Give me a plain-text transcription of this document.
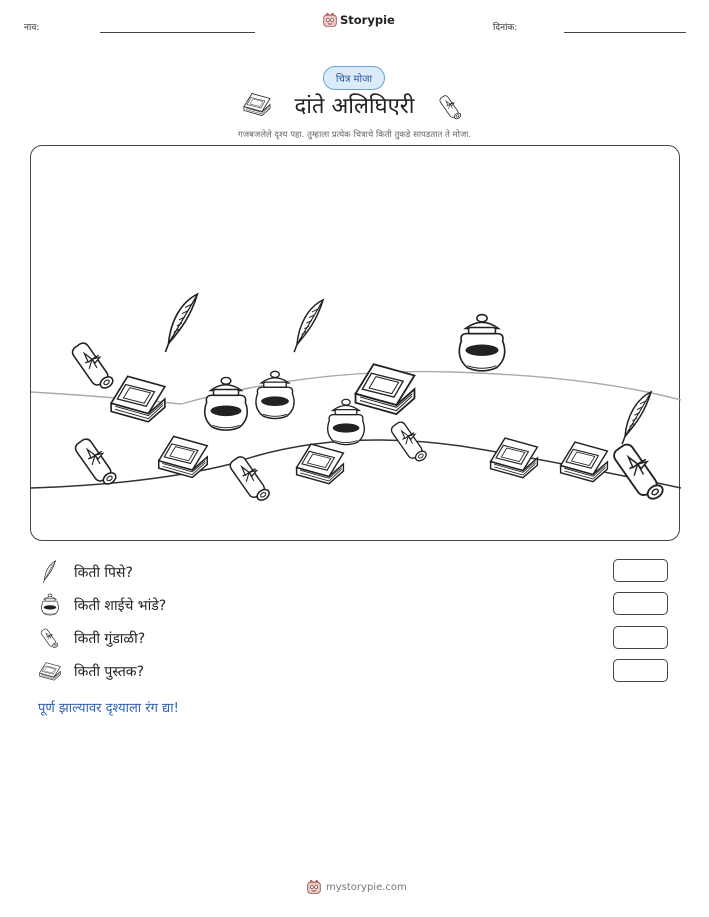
नाव:
Storypie
दिनांक:
चित्र मोजा
दांते अलिघिएरी
गजबजलेले दृश्य पहा. तुम्हाला प्रत्येक चित्राचे किती तुकडे सापडतात ते मोजा.
किती पिसे?
किती शाईचे भांडे?
किती गुंडाळी?
किती पुस्तक?
पूर्ण झाल्यावर दृश्याला रंग द्या!
mystorypie.com
